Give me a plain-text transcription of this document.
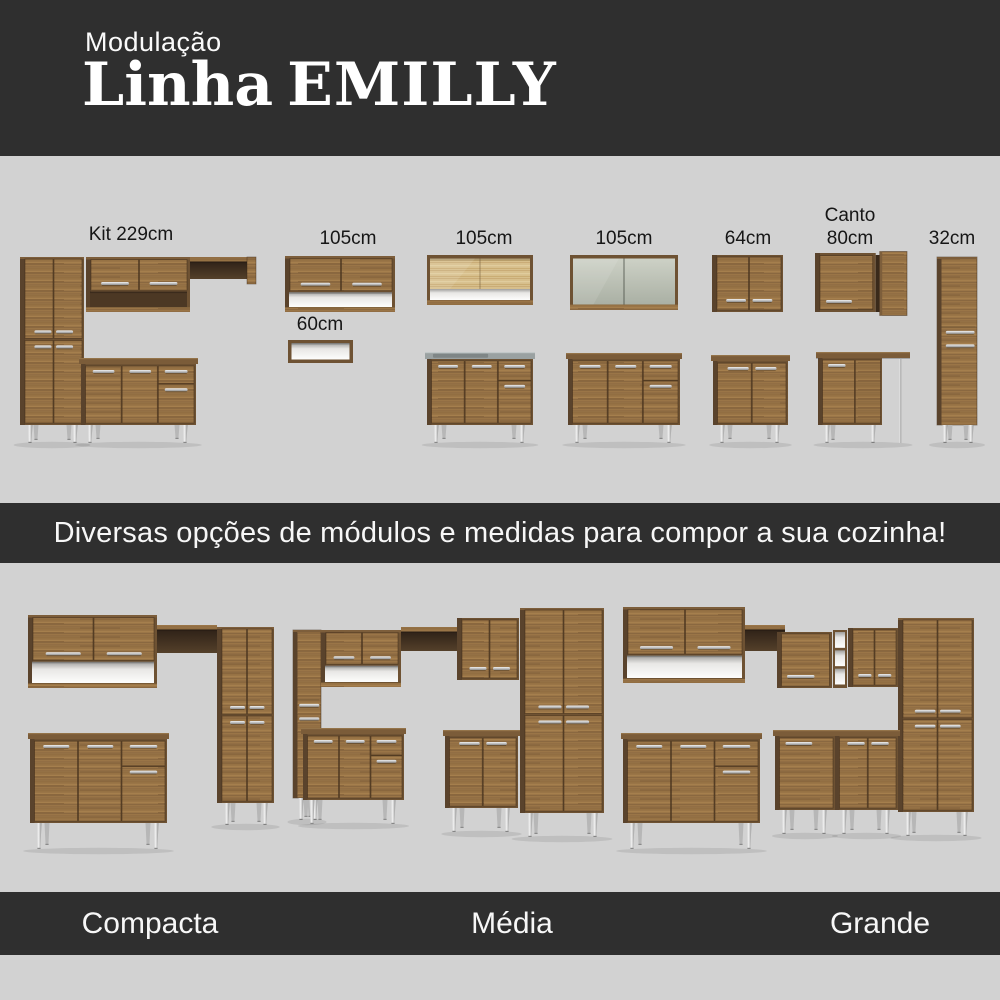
Modulação
Linha EMILLY
Kit 229cm	105cm
60cm
105cm	105cm	64cm
Canto
80cm	32cm
Diversas opções de módulos e medidas para compor a sua cozinha!
Compacta	Média	Grande
